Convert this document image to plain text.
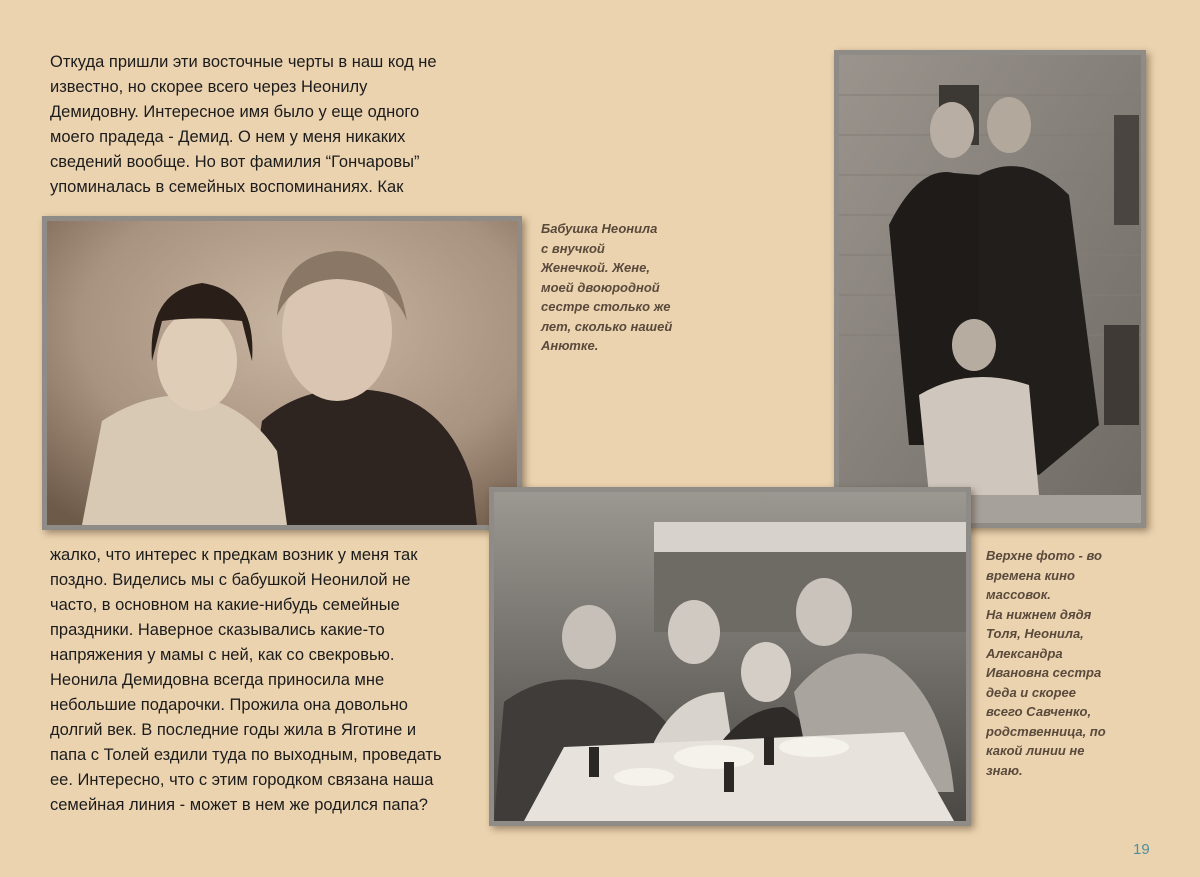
Откуда пришли эти восточные черты в наш код не
известно, но скорее всего через Неонилу
Демидовну. Интересное имя было у еще одного
моего прадеда - Демид. О нем у меня никаких
сведений вообще. Но вот фамилия “Гончаровы”
упоминалась в семейных воспоминаниях. Как
Бабушка Неонила
с внучкой
Женечкой. Жене,
моей двоюродной
сестре столько же
лет, сколько нашей
Анютке.
жалко, что интерес к предкам возник у меня так
поздно. Виделись мы с бабушкой Неонилой не
часто, в основном на какие-нибудь семейные
праздники. Наверное сказывались какие-то
напряжения у мамы с ней, как со свекровью.
Неонила Демидовна всегда приносила мне
небольшие подарочки. Прожила она довольно
долгий век. В последние годы жила в Яготине и
папа с Толей ездили туда по выходным, проведать
ее. Интересно, что с этим городком связана наша
семейная линия - может в нем же родился папа?
Верхне фото - во
времена кино
массовок.
На нижнем дядя
Толя, Неонила,
Александра
Ивановна сестра
деда и скорее
всего Савченко,
родственница, по
какой линии не
знаю.
19
